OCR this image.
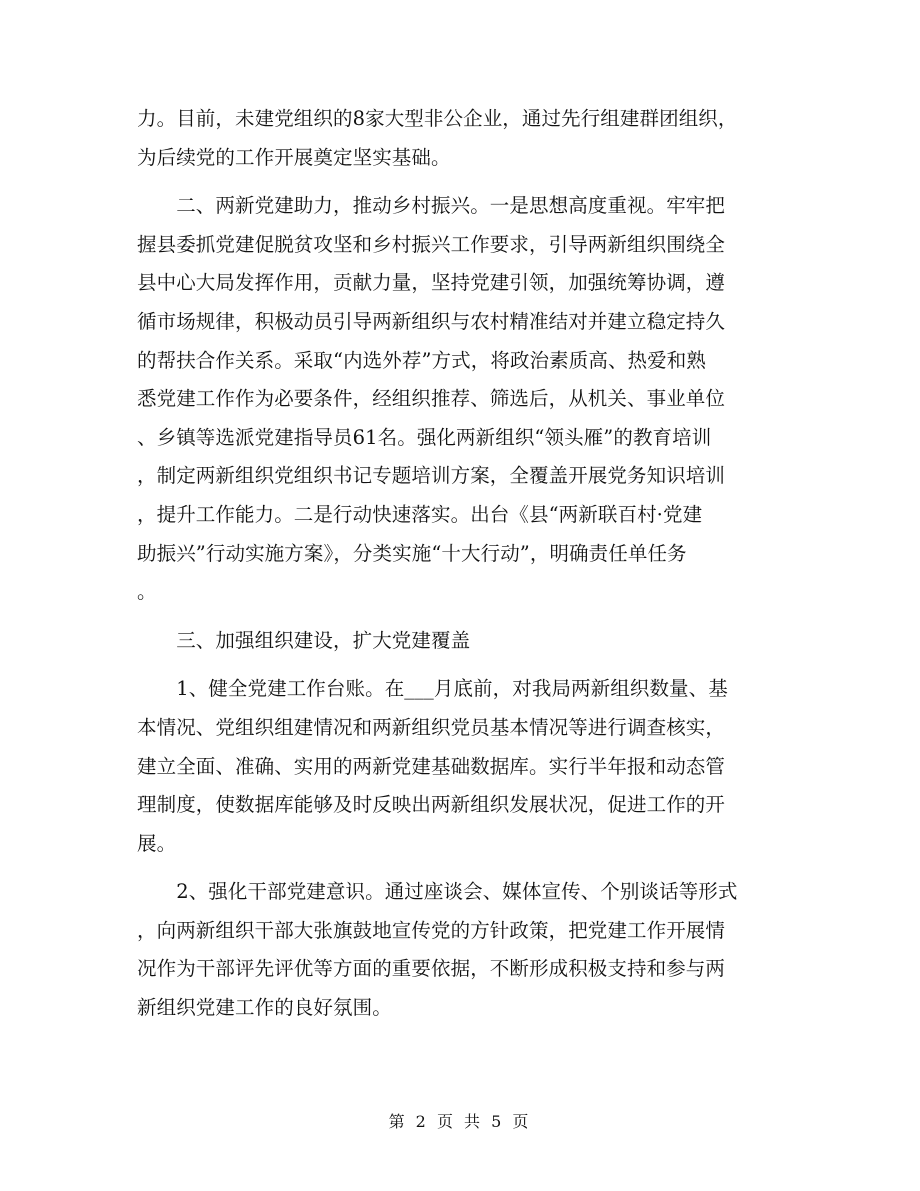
力。目前，未建党组织的8家大型非公企业，通过先行组建群团组织，
为后续党的工作开展奠定坚实基础。
　　二、两新党建助力，推动乡村振兴。一是思想高度重视。牢牢把
握县委抓党建促脱贫攻坚和乡村振兴工作要求，引导两新组织围绕全
县中心大局发挥作用，贡献力量，坚持党建引领，加强统筹协调，遵
循市场规律，积极动员引导两新组织与农村精准结对并建立稳定持久
的帮扶合作关系。采取“内选外荐”方式，将政治素质高、热爱和熟
悉党建工作作为必要条件，经组织推荐、筛选后，从机关、事业单位
、乡镇等选派党建指导员61名。强化两新组织“领头雁”的教育培训
，制定两新组织党组织书记专题培训方案，全覆盖开展党务知识培训
，提升工作能力。二是行动快速落实。出台《县“两新联百村·党建
助振兴”行动实施方案》，分类实施“十大行动”，明确责任单任务
。
　　三、加强组织建设，扩大党建覆盖
　　1、健全党建工作台账。在___月底前，对我局两新组织数量、基
本情况、党组织组建情况和两新组织党员基本情况等进行调查核实，
建立全面、准确、实用的两新党建基础数据库。实行半年报和动态管
理制度，使数据库能够及时反映出两新组织发展状况，促进工作的开
展。
　　2、强化干部党建意识。通过座谈会、媒体宣传、个别谈话等形式
，向两新组织干部大张旗鼓地宣传党的方针政策，把党建工作开展情
况作为干部评先评优等方面的重要依据，不断形成积极支持和参与两
新组织党建工作的良好氛围。
第 2 页 共 5 页
